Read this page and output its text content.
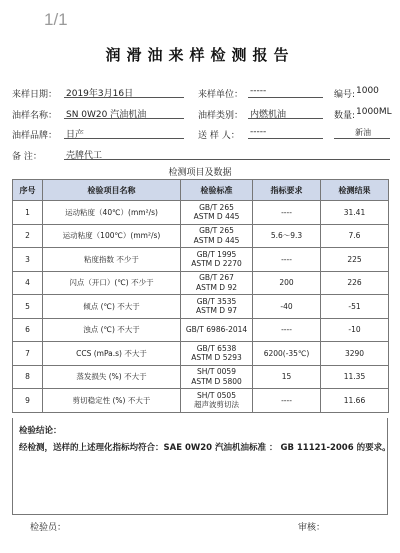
1/1
润滑油来样检测报告
来样日期： 2019年3月16日	来样单位： -----	编号: 1000
油样名称： SN 0W20 汽油机油	油样类别： 内燃机油	数量: 1000ML
油样品牌： 日产	送 样 人： -----	新油
备 注：	壳牌代工
检测项目及数据
序号	检验项目名称	检验标准	指标要求	检测结果
1	运动粘度（40℃）(mm²/s)	GB/T 265
ASTM D 445	----	31.41
2	运动粘度（100℃）(mm²/s)	GB/T 265
ASTM D 445	5.6～9.3	7.6
3	粘度指数 不少于	GB/T 1995
ASTM D 2270	----	225
4	闪点（开口）(℃) 不少于	GB/T 267
ASTM D 92	200	226
5	倾点 (℃) 不大于	GB/T 3535
ASTM D 97	-40	-51
6	浊点 (℃) 不大于	GB/T 6986-2014	----	-10
7	CCS (mPa.s) 不大于	GB/T 6538
ASTM D 5293	6200(-35℃)	3290
8	蒸发损失 (%) 不大于	SH/T 0059
ASTM D 5800	15	11.35
9	剪切稳定性 (%) 不大于	SH/T 0505
超声波剪切法	----	11.66
检验结论：
经检测，送样的上述理化指标均符合：SAE 0W20 汽油机油标准 ： GB 11121-2006 的要求。
检验员：	审核：
